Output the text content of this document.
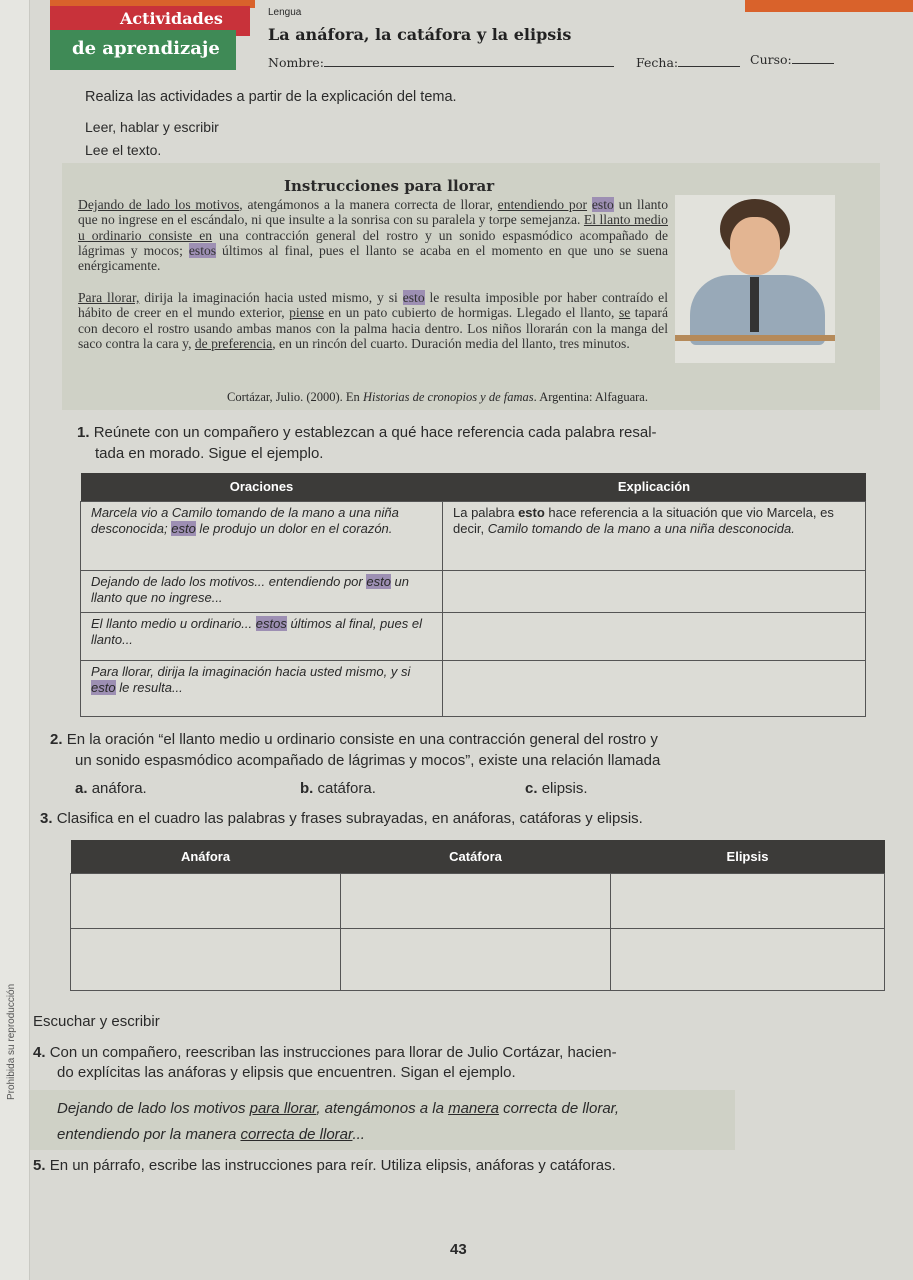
Prohibida su reproducción
Actividades
de aprendizaje
Lengua
La anáfora, la catáfora y la elipsis
Nombre:	Fecha:	Curso:
Realiza las actividades a partir de la explicación del tema.
Leer, hablar y escribir
Lee el texto.
Instrucciones para llorar
Dejando de lado los motivos, atengámonos a la manera correcta de llorar, entendiendo por esto un llanto que no ingrese en el escándalo, ni que insulte a la sonrisa con su paralela y torpe semejanza. El llanto medio u ordinario consiste en una contracción general del rostro y un sonido espasmódico acompañado de lágrimas y mocos; estos últimos al final, pues el llanto se acaba en el momento en que uno se suena enérgicamente.
Para llorar, dirija la imaginación hacia usted mismo, y si esto le resulta imposible por haber contraído el hábito de creer en el mundo exterior, piense en un pato cubierto de hormigas. Llegado el llanto, se tapará con decoro el rostro usando ambas manos con la palma hacia dentro. Los niños llorarán con la manga del saco contra la cara y, de preferencia, en un rincón del cuarto. Duración media del llanto, tres minutos.
Cortázar, Julio. (2000). En Historias de cronopios y de famas. Argentina: Alfaguara.
1. Reúnete con un compañero y establezcan a qué hace referencia cada palabra resal-
tada en morado. Sigue el ejemplo.
Oraciones	Explicación
Marcela vio a Camilo tomando de la mano a una niña desconocida; esto le produjo un dolor en el corazón.	La palabra esto hace referencia a la situación que vio Marcela, es decir, Camilo tomando de la mano a una niña desconocida.
Dejando de lado los motivos... entendiendo por esto un llanto que no ingrese...	
El llanto medio u ordinario... estos últimos al final, pues el llanto...	
Para llorar, dirija la imaginación hacia usted mismo, y si esto le resulta...	
2. En la oración “el llanto medio u ordinario consiste en una contracción general del rostro y
un sonido espasmódico acompañado de lágrimas y mocos”, existe una relación llamada
a. anáfora.	b. catáfora.	c. elipsis.
3. Clasifica en el cuadro las palabras y frases subrayadas, en anáforas, catáforas y elipsis.
Anáfora	Catáfora	Elipsis

Escuchar y escribir
4. Con un compañero, reescriban las instrucciones para llorar de Julio Cortázar, hacien-
do explícitas las anáforas y elipsis que encuentren. Sigan el ejemplo.
Dejando de lado los motivos para llorar, atengámonos a la manera correcta de llorar,
entendiendo por la manera correcta de llorar...
5. En un párrafo, escribe las instrucciones para reír. Utiliza elipsis, anáforas y catáforas.
43
